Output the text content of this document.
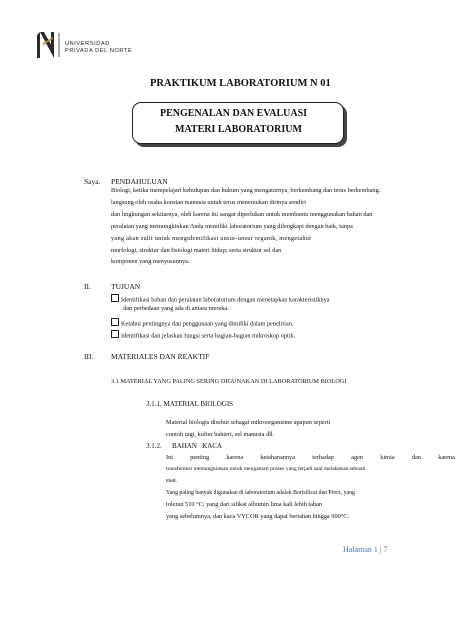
UNIVERSIDAD
PRIVADA DEL NORTE
PRAKTIKUM LABORATORIUM N 01
PENGENALAN DAN EVALUASI
MATERI LABORATORIUM
Saya. PENDAHULUAN
Biologi, ketika mempelajari kehidupan dan hukum yang mengaturnya, berkembang dan terus berkembang.
langsung oleh usaha konstan manusia untuk terus menemukan dirinya sendiri
dan lingkungan sekitarnya, oleh karena itu sangat diperlukan untuk membantu menggunakan bahan dan
peralatan yang memungkinkan Anda memiliki laboratorium yang dilengkapi dengan baik, tanpa
yang akan sulit untuk mengidentifikasi unsur-unsur organik, mengetahui
morfologi, struktur dan fisiologi materi hidup; serta struktur sel dan
komponen yang menyusunnya.
II.	TUJUAN
Identifikasi bahan dan peralatan laboratorium dengan menetapkan karakteristiknya
dan perbedaan yang ada di antara mereka.
Ketahui pentingnya dan penggunaan yang dimiliki dalam penelitian.
Identifikasi dan jelaskan fungsi serta bagian-bagian mikroskop optik.
III. MATERIALES DAN REAKTIF
3.1 MATERIAL YANG PALING SERING DIGUNAKAN DI LABORATORIUM BIOLOGI
3.1.1. MATERIAL BIOLOGIS
Material biologis disebut sebagai mikroorganisme apapun seperti
contoh ragi, kultur bakteri, sel manusia dll.
3.1.2. BAHAN   KACA
Ini	penting	karena	ketahanannya	terhadap	agen	kimia	dan	karena
transferensi memungkinkan untuk mengamati proses yang terjadi saat melakukan sebuah
esai.
Yang paling banyak digunakan di laboratorium adalah Borisilicat dan Pirex, yang
toleran 510 °C; yang dari silikat albumin lima kali lebih tahan
yang sebelumnya, dan kaca VYCOR yang dapat bertahan hingga 900°C.
Halaman 1 | 7
